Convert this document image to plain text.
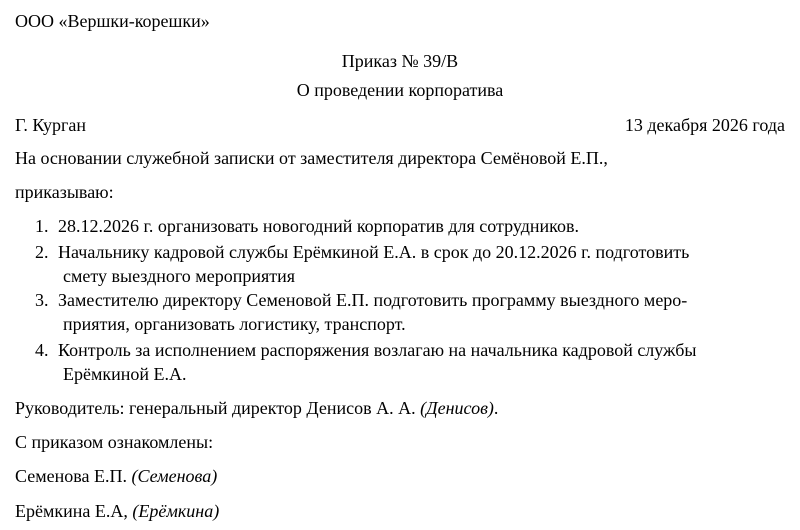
ООО «Вершки-корешки»
Приказ № 39/В
О проведении корпоратива
Г. Курган	13 декабря 2026 года
На основании служебной записки от заместителя директора Семёновой Е.П.,
приказываю:
1. 28.12.2026 г. организовать новогодний корпоратив для сотрудников.
2. Начальнику кадровой службы Ерёмкиной Е.А. в срок до 20.12.2026 г. подготовить
смету выездного мероприятия
3. Заместителю директору Семеновой Е.П. подготовить программу выездного меро-
приятия, организовать логистику, транспорт.
4. Контроль за исполнением распоряжения возлагаю на начальника кадровой службы
Ерёмкиной Е.А.
Руководитель: генеральный директор Денисов А. А. (Денисов).
С приказом ознакомлены:
Семенова Е.П. (Семенова)
Ерёмкина Е.А, (Ерёмкина)
